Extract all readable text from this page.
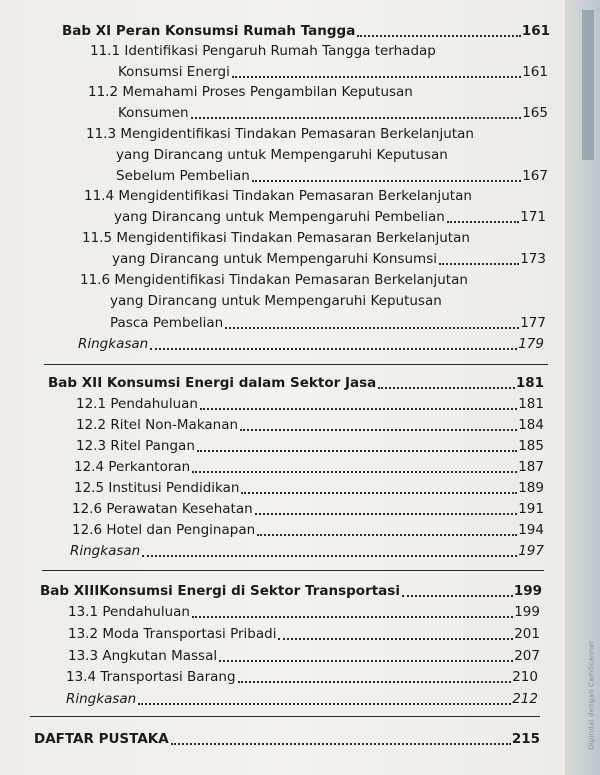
Bab XI Peran Konsumsi Rumah Tangga	161
11.1 Identifikasi Pengaruh Rumah Tangga terhadap
Konsumsi Energi	161
11.2 Memahami Proses Pengambilan Keputusan
Konsumen	165
11.3 Mengidentifikasi Tindakan Pemasaran Berkelanjutan
yang Dirancang untuk Mempengaruhi Keputusan
Sebelum Pembelian	167
11.4 Mengidentifikasi Tindakan Pemasaran Berkelanjutan
yang Dirancang untuk Mempengaruhi Pembelian	171
11.5 Mengidentifikasi Tindakan Pemasaran Berkelanjutan
yang Dirancang untuk Mempengaruhi Konsumsi	173
11.6 Mengidentifikasi Tindakan Pemasaran Berkelanjutan
yang Dirancang untuk Mempengaruhi Keputusan
Pasca Pembelian	177
Ringkasan	179
Bab XII Konsumsi Energi dalam Sektor Jasa	181
12.1 Pendahuluan	181
12.2 Ritel Non-Makanan	184
12.3 Ritel Pangan	185
12.4 Perkantoran	187
12.5 Institusi Pendidikan	189
12.6 Perawatan Kesehatan	191
12.6 Hotel dan Penginapan	194
Ringkasan	197
Bab XIIIKonsumsi Energi di Sektor Transportasi	199
13.1 Pendahuluan	199
13.2 Moda Transportasi Pribadi	201
13.3 Angkutan Massal	207
13.4 Transportasi Barang	210
Ringkasan	212
DAFTAR PUSTAKA	215	Dipindai dengan CamScanner
